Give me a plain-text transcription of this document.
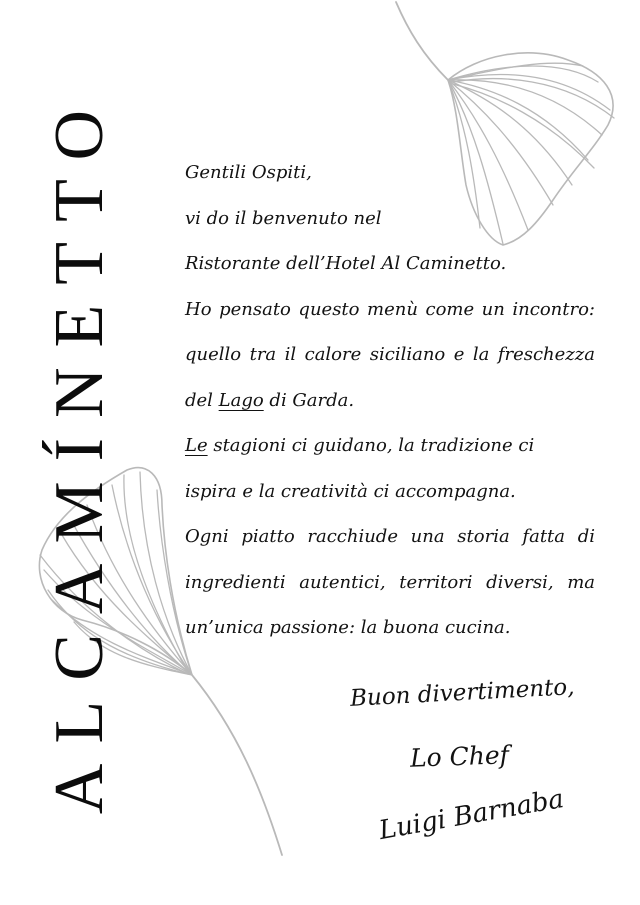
ALCAMÍNETTO	Gentili Ospiti,
vi do il benvenuto nel
Ristorante dell’Hotel Al Caminetto.
Ho pensato questo menù come un incontro:
quello tra il calore siciliano e la freschezza
del Lago di Garda.
Le stagioni ci guidano, la tradizione ci
ispira e la creatività ci accompagna.
Ogni piatto racchiude una storia fatta di
ingredienti autentici, territori diversi, ma
un’unica passione: la buona cucina.
Buon divertimento,
Lo Chef
Luigi Barnaba
